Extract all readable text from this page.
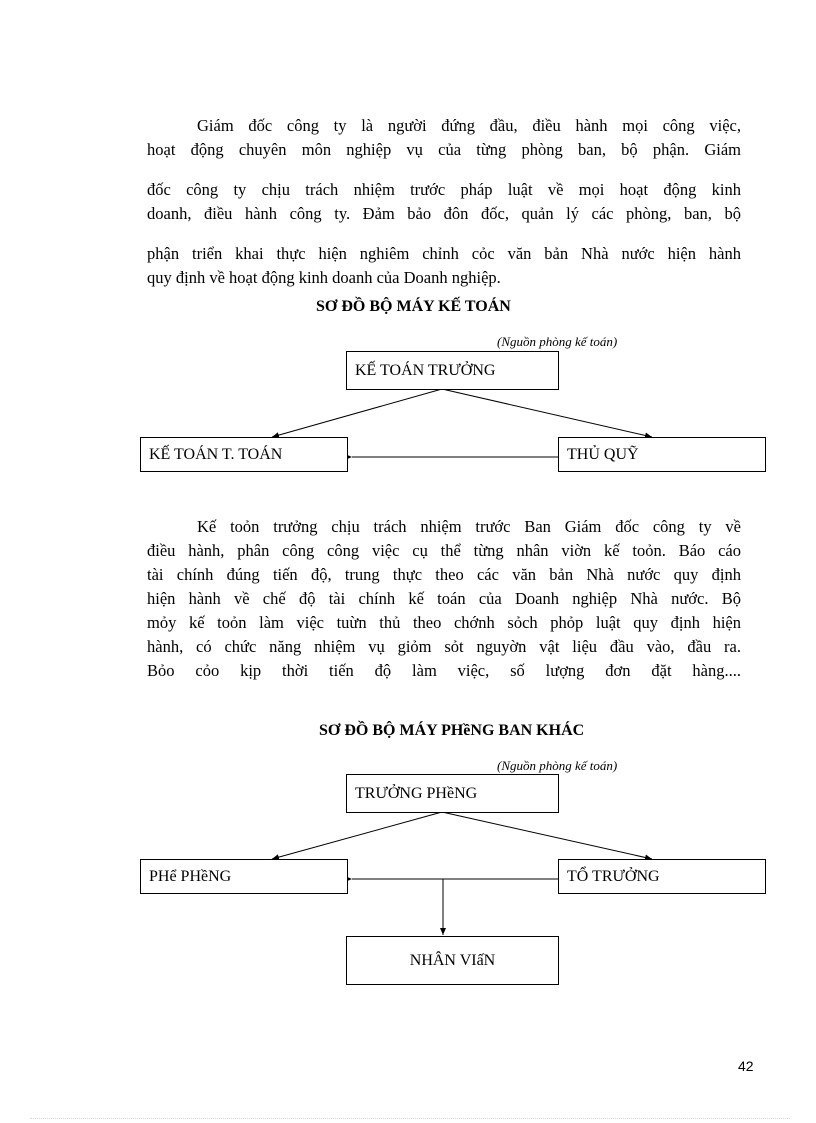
Giám đốc công ty là người đứng đầu, điều hành mọi công việc,
hoạt động chuyên môn nghiệp vụ của từng phòng ban, bộ phận. Giám
đốc công ty chịu trách nhiệm trước pháp luật về mọi hoạt động kinh
doanh, điều hành công ty. Đảm bảo đôn đốc, quản lý các phòng, ban, bộ
phận triển khai thực hiện nghiêm chỉnh cỏc văn bản Nhà nước hiện hành
quy định về hoạt động kinh doanh của Doanh nghiệp.
SƠ ĐỒ BỘ MÁY KẾ TOÁN
(Nguồn phòng kế toán)
KẾ TOÁN TRƯỞNG
KẾ TOÁN T. TOÁN	THỦ QUỸ
Kế toỏn trưởng chịu trách nhiệm trước Ban Giám đốc công ty về
điều hành, phân công công việc cụ thể từng nhân viờn kế toỏn. Báo cáo
tài chính đúng tiến độ, trung thực theo các văn bản Nhà nước quy định
hiện hành về chế độ tài chính kế toán của Doanh nghiệp Nhà nước. Bộ
mỏy kế toỏn làm việc tuừn thủ theo chớnh sỏch phỏp luật quy định hiện
hành, có chức năng nhiệm vụ giỏm sỏt nguyờn vật liệu đầu vào, đầu ra.
Bỏo cỏo kịp thời tiến độ làm việc, số lượng đơn đặt hàng....
SƠ ĐỒ BỘ MÁY PHềNG BAN KHÁC
(Nguồn phòng kế toán)
TRƯỞNG PHềNG
PHể PHềNG	TỔ TRƯỞNG
NHÂN VIấN
42
